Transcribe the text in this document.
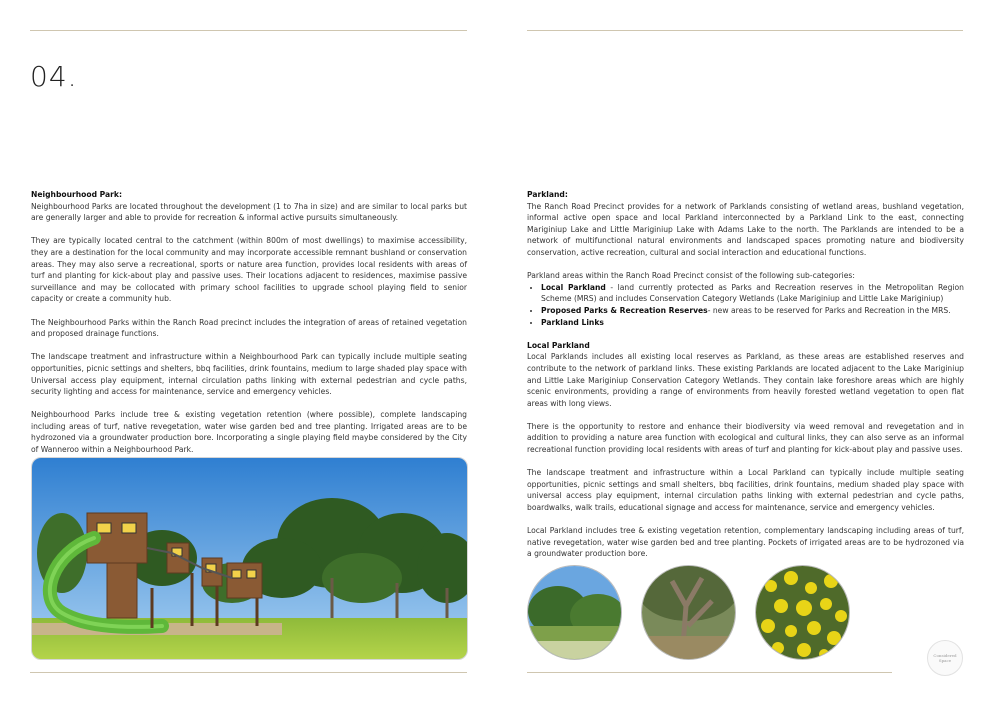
04.
Neighbourhood Park:

Neighbourhood Parks are located throughout the development (1 to 7ha in size) and are similar to local parks but are generally larger and able to provide for recreation & informal active pursuits simultaneously.

They are typically located central to the catchment (within 800m of most dwellings) to maximise accessibility, they are a destination for the local community and may incorporate accessible remnant bushland or conservation areas. They may also serve a recreational, sports or nature area function, provides local residents with areas of turf and planting for kick-about play and passive uses. Their locations adjacent to residences, maximise passive surveillance and may be collocated with primary school facilities to upgrade school playing field to senior capacity or create a community hub.

The Neighbourhood Parks within the Ranch Road precinct includes the integration of areas of retained vegetation and proposed drainage functions.

The landscape treatment and infrastructure within a Neighbourhood Park can typically include multiple seating opportunities, picnic settings and shelters, bbq facilities, drink fountains, medium to large shaded play space with Universal access play equipment, internal circulation paths linking with external pedestrian and cycle paths, security lighting and access for maintenance, service and emergency vehicles.

Neighbourhood Parks include tree & existing vegetation retention (where possible), complete landscaping including areas of turf, native revegetation, water wise garden bed and tree planting. Irrigated areas are to be hydrozoned via a groundwater production bore. Incorporating a single playing field maybe considered by the City of Wanneroo within a Neighbourhood Park.

Parkland:

The Ranch Road Precinct provides for a network of Parklands consisting of wetland areas, bushland vegetation, informal active open space and local Parkland interconnected by a Parkland Link to the east, connecting Mariginiup Lake and Little Mariginiup Lake with Adams Lake to the north. The Parklands are intended to be a network of multifunctional natural environments and landscaped spaces promoting nature and biodiversity conservation, active recreation, cultural and social interaction and educational functions.

Parkland areas within the Ranch Road Precinct consist of the following sub-categories:

• Local Parkland - land currently protected as Parks and Recreation reserves in the Metropolitan Region Scheme (MRS) and includes Conservation Category Wetlands (Lake Mariginiup and Little Lake Mariginiup)
• Proposed Parks & Recreation Reserves- new areas to be reserved for Parks and Recreation in the MRS.
• Parkland Links
Local Parkland

Local Parklands includes all existing local reserves as Parkland, as these areas are established reserves and contribute to the network of parkland links. These existing Parklands are located adjacent to the Lake Mariginiup and Little Lake Mariginiup Conservation Category Wetlands. They contain lake foreshore areas which are highly scenic environments, providing a range of environments from heavily forested wetland vegetation to open flat areas with long views.

There is the opportunity to restore and enhance their biodiversity via weed removal and revegetation and in addition to providing a nature area function with ecological and cultural links, they can also serve as an informal recreational function providing local residents with areas of turf and planting for kick-about play and passive uses.

The landscape treatment and infrastructure within a Local Parkland can typically include multiple seating opportunities, picnic settings and small shelters, bbq facilities, drink fountains, medium shaded play space with universal access play equipment, internal circulation paths linking with external pedestrian and cycle paths, boardwalks, walk trails, educational signage and access for maintenance, service and emergency vehicles.

Local Parkland includes tree & existing vegetation retention, complementary landscaping including areas of turf, native revegetation, water wise garden bed and tree planting. Pockets of irrigated areas are to be hydrozoned via a groundwater production bore.

Considered
Space
